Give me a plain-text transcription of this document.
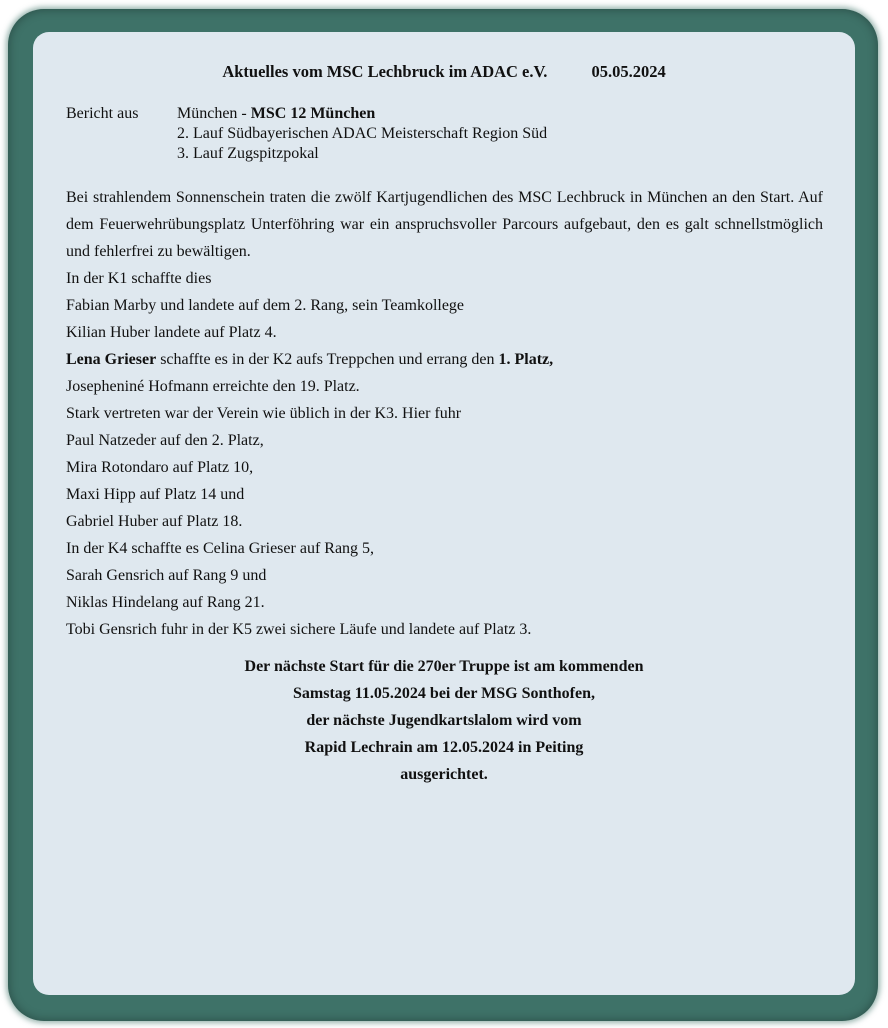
Aktuelles vom MSC Lechbruck im ADAC e.V.	05.05.2024
Bericht aus München - MSC 12 München
2. Lauf Südbayerischen ADAC Meisterschaft Region Süd
3. Lauf Zugspitzpokal
Bei strahlendem Sonnenschein traten die zwölf Kartjugendlichen des MSC Lechbruck in München an den Start. Auf dem Feuerwehrübungsplatz Unterföhring war ein anspruchsvoller Parcours aufgebaut, den es galt schnellstmöglich und fehlerfrei zu bewältigen.
In der K1 schaffte dies
Fabian Marby und landete auf dem 2. Rang, sein Teamkollege
Kilian Huber landete auf Platz 4.
Lena Grieser schaffte es in der K2 aufs Treppchen und errang den 1. Platz,
Josepheniné Hofmann erreichte den 19. Platz.
Stark vertreten war der Verein wie üblich in der K3. Hier fuhr
Paul Natzeder auf den 2. Platz,
Mira Rotondaro auf Platz 10,
Maxi Hipp auf Platz 14 und
Gabriel Huber auf Platz 18.
In der K4 schaffte es Celina Grieser auf Rang 5,
Sarah Gensrich auf Rang 9 und
Niklas Hindelang auf Rang 21.
Tobi Gensrich fuhr in der K5 zwei sichere Läufe und landete auf Platz 3.
Der nächste Start für die 270er Truppe ist am kommenden
Samstag 11.05.2024 bei der MSG Sonthofen,
der nächste Jugendkartslalom wird vom
Rapid Lechrain am 12.05.2024 in Peiting
ausgerichtet.
